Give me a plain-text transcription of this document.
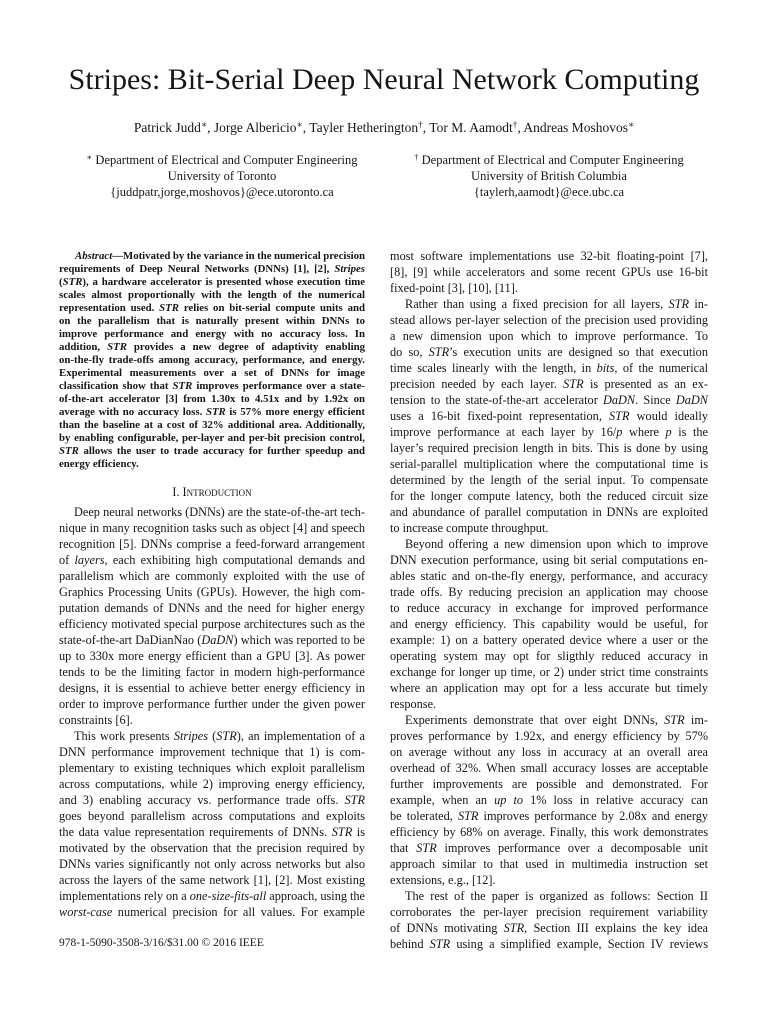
Stripes: Bit-Serial Deep Neural Network Computing
Patrick Judd∗, Jorge Albericio∗, Tayler Hetherington†, Tor M. Aamodt†, Andreas Moshovos∗
∗ Department of Electrical and Computer Engineering
University of Toronto
{juddpatr,jorge,moshovos}@ece.utoronto.ca
† Department of Electrical and Computer Engineering
University of British Columbia
{taylerh,aamodt}@ece.ubc.ca
Abstract—Motivated by the variance in the numerical precision
requirements of Deep Neural Networks (DNNs) [1], [2], Stripes
(STR), a hardware accelerator is presented whose execution time
scales almost proportionally with the length of the numerical
representation used. STR relies on bit-serial compute units and
on the parallelism that is naturally present within DNNs to
improve performance and energy with no accuracy loss. In
addition, STR provides a new degree of adaptivity enabling
on-the-fly trade-offs among accuracy, performance, and energy.
Experimental measurements over a set of DNNs for image
classification show that STR improves performance over a state-
of-the-art accelerator [3] from 1.30x to 4.51x and by 1.92x on
average with no accuracy loss. STR is 57% more energy efficient
than the baseline at a cost of 32% additional area. Additionally,
by enabling configurable, per-layer and per-bit precision control,
STR allows the user to trade accuracy for further speedup and
energy efficiency.
I. Introduction
Deep neural networks (DNNs) are the state-of-the-art tech-
nique in many recognition tasks such as object [4] and speech
recognition [5]. DNNs comprise a feed-forward arrangement
of layers, each exhibiting high computational demands and
parallelism which are commonly exploited with the use of
Graphics Processing Units (GPUs). However, the high com-
putation demands of DNNs and the need for higher energy
efficiency motivated special purpose architectures such as the
state-of-the-art DaDianNao (DaDN) which was reported to be
up to 330x more energy efficient than a GPU [3]. As power
tends to be the limiting factor in modern high-performance
designs, it is essential to achieve better energy efficiency in
order to improve performance further under the given power
constraints [6].
This work presents Stripes (STR), an implementation of a
DNN performance improvement technique that 1) is com-
plementary to existing techniques which exploit parallelism
across computations, while 2) improving energy efficiency,
and 3) enabling accuracy vs. performance trade offs. STR
goes beyond parallelism across computations and exploits
the data value representation requirements of DNNs. STR is
motivated by the observation that the precision required by
DNNs varies significantly not only across networks but also
across the layers of the same network [1], [2]. Most existing
implementations rely on a one-size-fits-all approach, using the
worst-case numerical precision for all values. For example
978-1-5090-3508-3/16/$31.00 © 2016 IEEE
most software implementations use 32-bit floating-point [7],
[8], [9] while accelerators and some recent GPUs use 16-bit
fixed-point [3], [10], [11].
Rather than using a fixed precision for all layers, STR in-
stead allows per-layer selection of the precision used providing
a new dimension upon which to improve performance. To
do so, STR’s execution units are designed so that execution
time scales linearly with the length, in bits, of the numerical
precision needed by each layer. STR is presented as an ex-
tension to the state-of-the-art accelerator DaDN. Since DaDN
uses a 16-bit fixed-point representation, STR would ideally
improve performance at each layer by 16/p where p is the
layer’s required precision length in bits. This is done by using
serial-parallel multiplication where the computational time is
determined by the length of the serial input. To compensate
for the longer compute latency, both the reduced circuit size
and abundance of parallel computation in DNNs are exploited
to increase compute throughput.
Beyond offering a new dimension upon which to improve
DNN execution performance, using bit serial computations en-
ables static and on-the-fly energy, performance, and accuracy
trade offs. By reducing precision an application may choose
to reduce accuracy in exchange for improved performance
and energy efficiency. This capability would be useful, for
example: 1) on a battery operated device where a user or the
operating system may opt for sligthly reduced accuracy in
exchange for longer up time, or 2) under strict time constraints
where an application may opt for a less accurate but timely
response.
Experiments demonstrate that over eight DNNs, STR im-
proves performance by 1.92x, and energy efficiency by 57%
on average without any loss in accuracy at an overall area
overhead of 32%. When small accuracy losses are acceptable
further improvements are possible and demonstrated. For
example, when an up to 1% loss in relative accuracy can
be tolerated, STR improves performance by 2.08x and energy
efficiency by 68% on average. Finally, this work demonstrates
that STR improves performance over a decomposable unit
approach similar to that used in multimedia instruction set
extensions, e.g., [12].
The rest of the paper is organized as follows: Section II
corroborates the per-layer precision requirement variability
of DNNs motivating STR, Section III explains the key idea
behind STR using a simplified example, Section IV reviews
